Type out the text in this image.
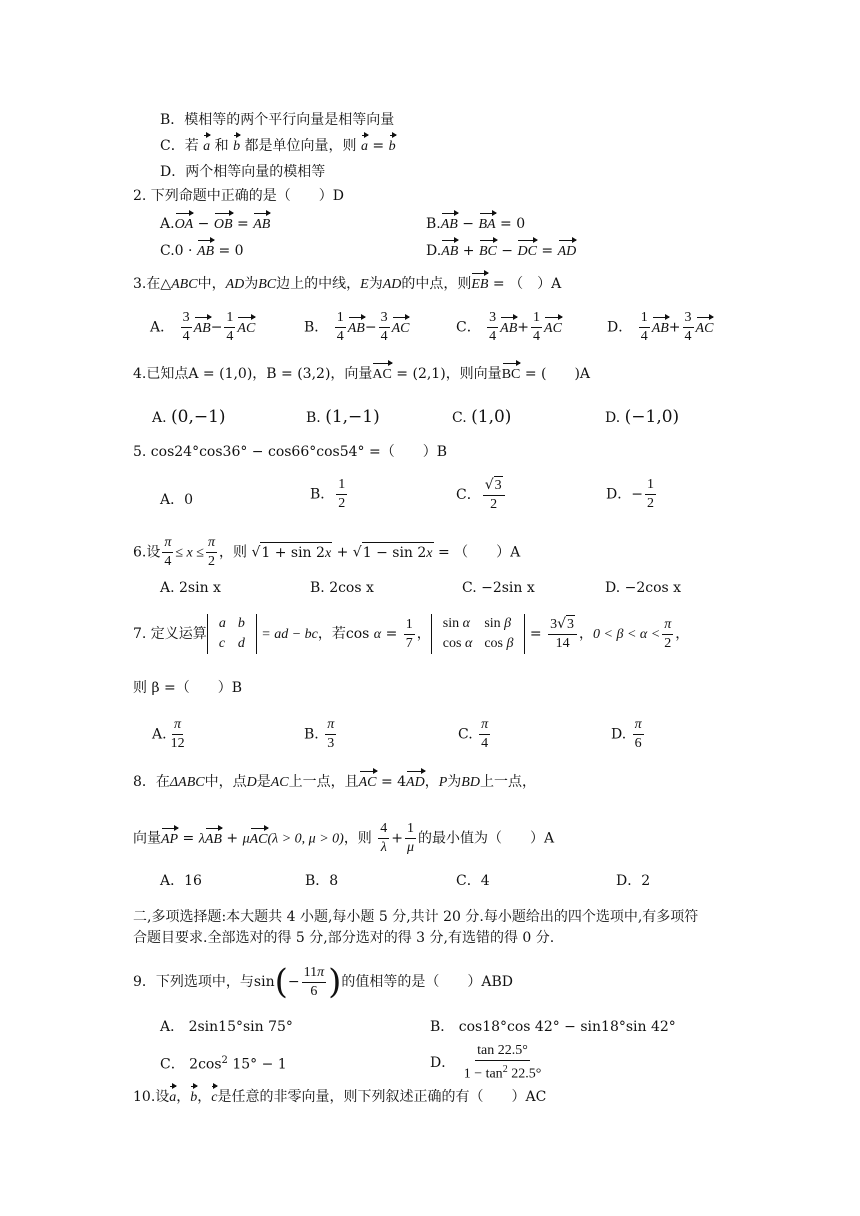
B．模相等的两个平行向量是相等向量
C．若 a 和 b 都是单位向量，则 a = b
D．两个相等向量的模相等
2. 下列命题中正确的是（　　）D
A.OA − OB = AB	B.AB − BA = 0
C.0 · AB = 0	D.AB + BC − DC = AD
3.在△ABC中，AD为BC边上的中线，E为AD的中点，则EB = （　）A
A． $\frac{3}{4} AB- \frac{1}{4}$ AC	B． $\frac{1}{4} AB- \frac{3}{4}$ AC	C． $\frac{3}{4} AB+ \frac{1}{4}$ AC	D． $\frac{1}{4} AB+ \frac{3}{4}$ AC
4.已知点A = (1,0)，B = (3,2)，向量AC = (2,1)，则向量BC = (　　)A
A. (0,−1)	B. (1,−1)	C. (1,0)	D. (−1,0)
5. cos24°cos36° − cos66°cos54° =（　　）B
A．0	B． $\frac{1}{2}$	C． $\frac{√3}{2}$	D．− $\frac{1}{2}$
6.设 $\frac{\pi}{4} \le x \le \frac{\pi}{2}$ ，则 √1 + sin 2x + √1 − sin 2x = （　　）A
A. 2sin x	B. 2cos x	C. −2sin x	D. −2cos x
7. 定义运算
a	b
c	d
= ad − bc，若$\cos \alpha = \frac{1}{7}$ ，
sin α	sin β
cos α	cos β
= $\frac{3√3}{14}$ ，$0 < \beta < \alpha < \frac{\pi}{2}$ ，
则 β =（　　）B
A. $\frac{\pi}{12}$	B. $\frac{\pi}{3}$	C. $\frac{\pi}{4}$	D. $\frac{\pi}{6}$
8．在ΔABC中，点D是AC上一点，且AC = 4AD，P为BD上一点，
向量AP = λAB + μAC(λ > 0, μ > 0)，则 $\frac{4}{\lambda} + \frac{1}{\mu}$ 的最小值为（　　）A
A．16	B．8	C．4	D．2
二,多项选择题:本大题共 4 小题,每小题 5 分,共计 20 分.每小题给出的四个选项中,有多项符
合题目要求.全部选对的得 5 分,部分选对的得 3 分,有选错的得 0 分.
9．下列选项中，与$\sin(- \frac{11\pi}{6}$ )的值相等的是（　　）ABD
A． 2sin15°sin 75°	B． cos18°cos 42° − sin18°sin 42°
C． $2\cos^2$ 15° − 1	D． $\frac{\tan 22.5^\circ}{1 - \tan^2 22.5^\circ}$
10.设a，b，c是任意的非零向量，则下列叙述正确的有（　　）AC
